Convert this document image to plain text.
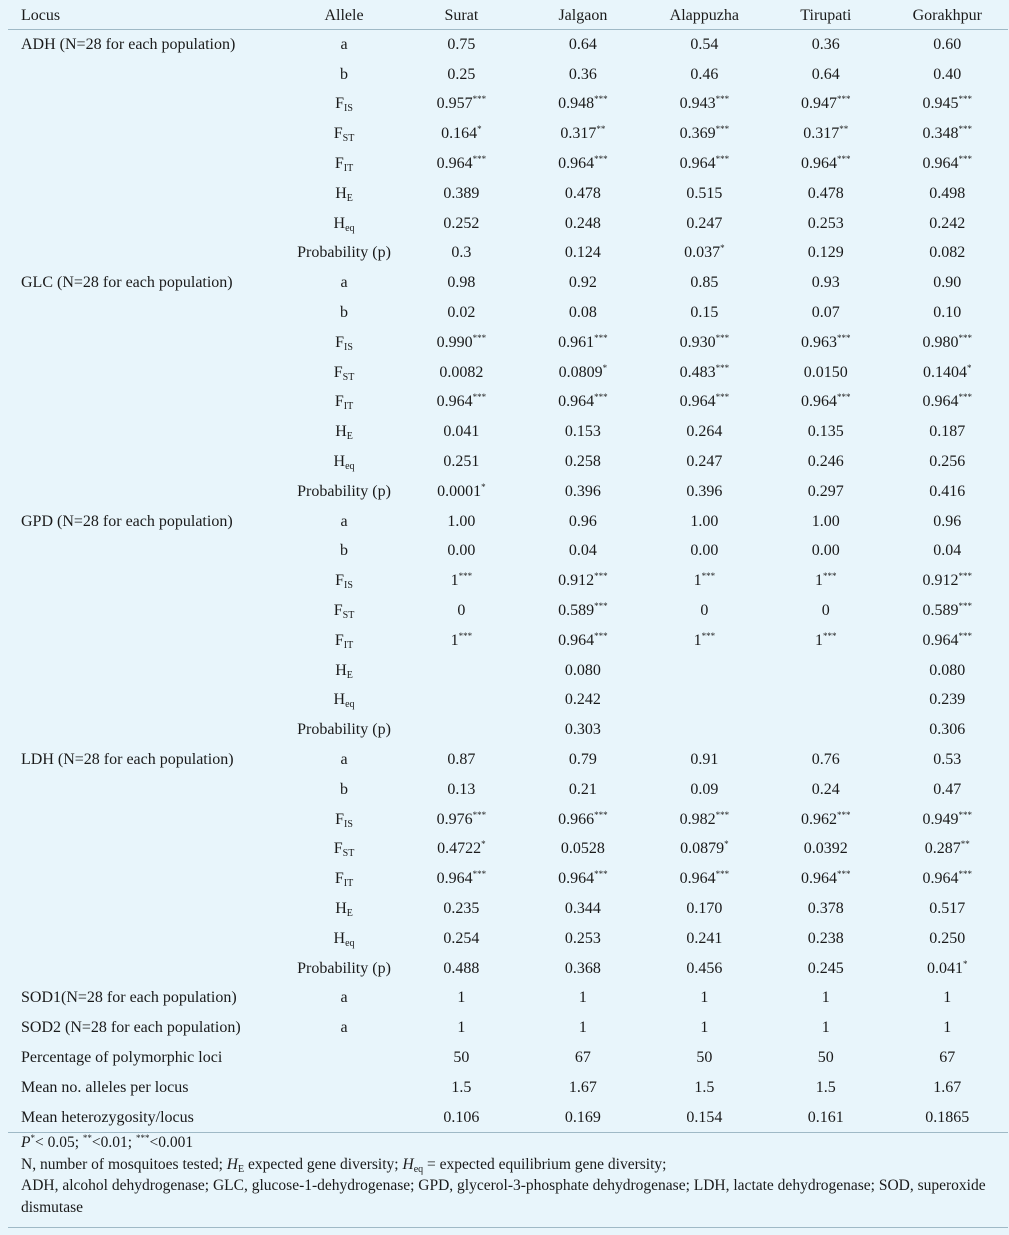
Locus	Allele	Surat	Jalgaon	Alappuzha	Tirupati	Gorakhpur
ADH (N=28 for each population)	a	0.75	0.64	0.54	0.36	0.60
	b	0.25	0.36	0.46	0.64	0.40
	$F_{IS}$	0.957***	0.948***	0.943***	0.947***	0.945***
	$F_{ST}$	0.164*	0.317**	0.369***	0.317**	0.348***
	$F_{IT}$	0.964***	0.964***	0.964***	0.964***	0.964***
	$H_E$	0.389	0.478	0.515	0.478	0.498
	$H_{eq}$	0.252	0.248	0.247	0.253	0.242
	Probability (p)	0.3	0.124	0.037*	0.129	0.082
GLC (N=28 for each population)	a	0.98	0.92	0.85	0.93	0.90
	b	0.02	0.08	0.15	0.07	0.10
	$F_{IS}$	0.990***	0.961***	0.930***	0.963***	0.980***
	$F_{ST}$	0.0082	0.0809*	0.483***	0.0150	0.1404*
	$F_{IT}$	0.964***	0.964***	0.964***	0.964***	0.964***
	$H_E$	0.041	0.153	0.264	0.135	0.187
	$H_{eq}$	0.251	0.258	0.247	0.246	0.256
	Probability (p)	0.0001*	0.396	0.396	0.297	0.416
GPD (N=28 for each population)	a	1.00	0.96	1.00	1.00	0.96
	b	0.00	0.04	0.00	0.00	0.04
	$F_{IS}$	1***	0.912***	1***	1***	0.912***
	$F_{ST}$	0	0.589***	0	0	0.589***
	$F_{IT}$	1***	0.964***	1***	1***	0.964***
	$H_E$		0.080			0.080
	$H_{eq}$		0.242			0.239
	Probability (p)		0.303			0.306
LDH (N=28 for each population)	a	0.87	0.79	0.91	0.76	0.53
	b	0.13	0.21	0.09	0.24	0.47
	$F_{IS}$	0.976***	0.966***	0.982***	0.962***	0.949***
	$F_{ST}$	0.4722*	0.0528	0.0879*	0.0392	0.287**
	$F_{IT}$	0.964***	0.964***	0.964***	0.964***	0.964***
	$H_E$	0.235	0.344	0.170	0.378	0.517
	$H_{eq}$	0.254	0.253	0.241	0.238	0.250
	Probability (p)	0.488	0.368	0.456	0.245	0.041*
SOD1(N=28 for each population)	a	1	1	1	1	1
SOD2 (N=28 for each population)	a	1	1	1	1	1
Percentage of polymorphic loci		50	67	50	50	67
Mean no. alleles per locus		1.5	1.67	1.5	1.5	1.67
Mean heterozygosity/locus		0.106	0.169	0.154	0.161	0.1865
P*< 0.05; **<0.01; ***<0.001
N, number of mosquitoes tested; $H_E$ expected gene diversity; $H_{eq}$ = expected equilibrium gene diversity;
ADH, alcohol dehydrogenase; GLC, glucose-1-dehydrogenase; GPD, glycerol-3-phosphate dehydrogenase; LDH, lactate dehydrogenase; SOD, superoxide dismutase
